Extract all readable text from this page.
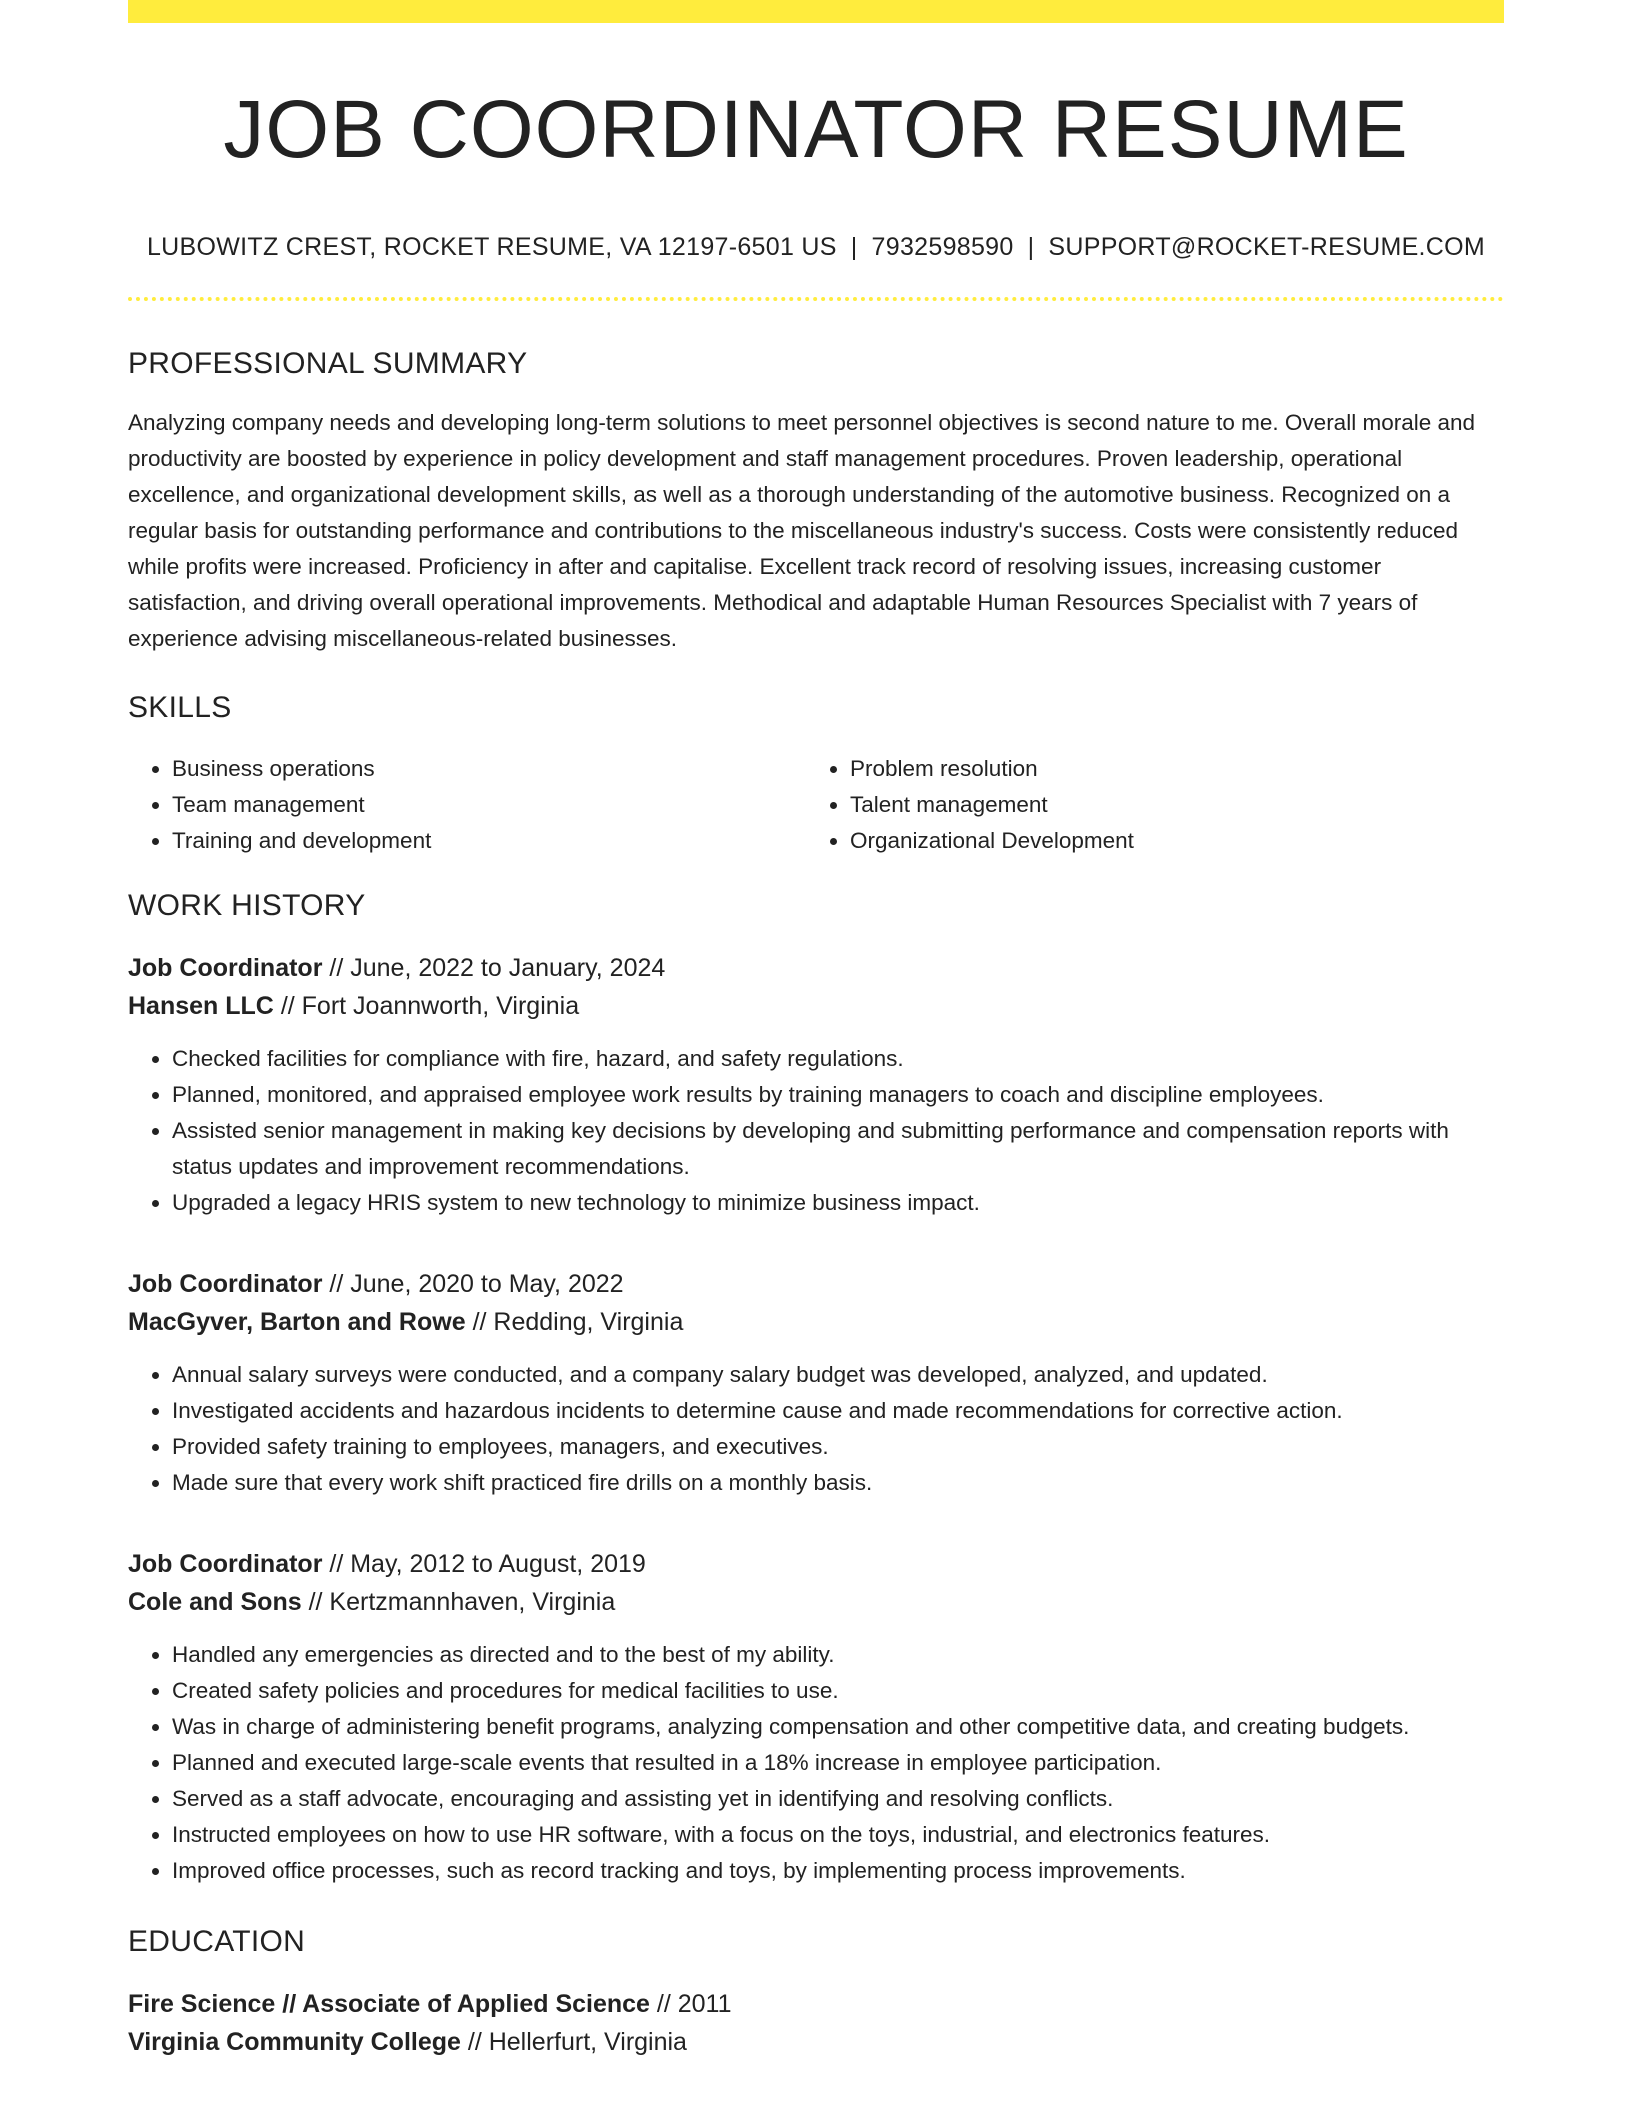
JOB COORDINATOR RESUME
LUBOWITZ CREST, ROCKET RESUME, VA 12197-6501 US | 7932598590 | SUPPORT@ROCKET-RESUME.COM
PROFESSIONAL SUMMARY

Analyzing company needs and developing long-term solutions to meet personnel objectives is second nature to me. Overall morale and productivity are boosted by experience in policy development and staff management procedures. Proven leadership, operational excellence, and organizational development skills, as well as a thorough understanding of the automotive business. Recognized on a regular basis for outstanding performance and contributions to the miscellaneous industry's success. Costs were consistently reduced while profits were increased. Proficiency in after and capitalise. Excellent track record of resolving issues, increasing customer satisfaction, and driving overall operational improvements. Methodical and adaptable Human Resources Specialist with 7 years of experience advising miscellaneous-related businesses.

SKILLS
• Business operations
• Team management
• Training and development
• Problem resolution
• Talent management
• Organizational Development
WORK HISTORY
Job Coordinator // June, 2022 to January, 2024
Hansen LLC // Fort Joannworth, Virginia
• Checked facilities for compliance with fire, hazard, and safety regulations.
• Planned, monitored, and appraised employee work results by training managers to coach and discipline employees.
• Assisted senior management in making key decisions by developing and submitting performance and compensation reports with status updates and improvement recommendations.
• Upgraded a legacy HRIS system to new technology to minimize business impact.
Job Coordinator // June, 2020 to May, 2022
MacGyver, Barton and Rowe // Redding, Virginia
• Annual salary surveys were conducted, and a company salary budget was developed, analyzed, and updated.
• Investigated accidents and hazardous incidents to determine cause and made recommendations for corrective action.
• Provided safety training to employees, managers, and executives.
• Made sure that every work shift practiced fire drills on a monthly basis.
Job Coordinator // May, 2012 to August, 2019
Cole and Sons // Kertzmannhaven, Virginia
• Handled any emergencies as directed and to the best of my ability.
• Created safety policies and procedures for medical facilities to use.
• Was in charge of administering benefit programs, analyzing compensation and other competitive data, and creating budgets.
• Planned and executed large-scale events that resulted in a 18% increase in employee participation.
• Served as a staff advocate, encouraging and assisting yet in identifying and resolving conflicts.
• Instructed employees on how to use HR software, with a focus on the toys, industrial, and electronics features.
• Improved office processes, such as record tracking and toys, by implementing process improvements.
EDUCATION
Fire Science // Associate of Applied Science // 2011
Virginia Community College // Hellerfurt, Virginia
